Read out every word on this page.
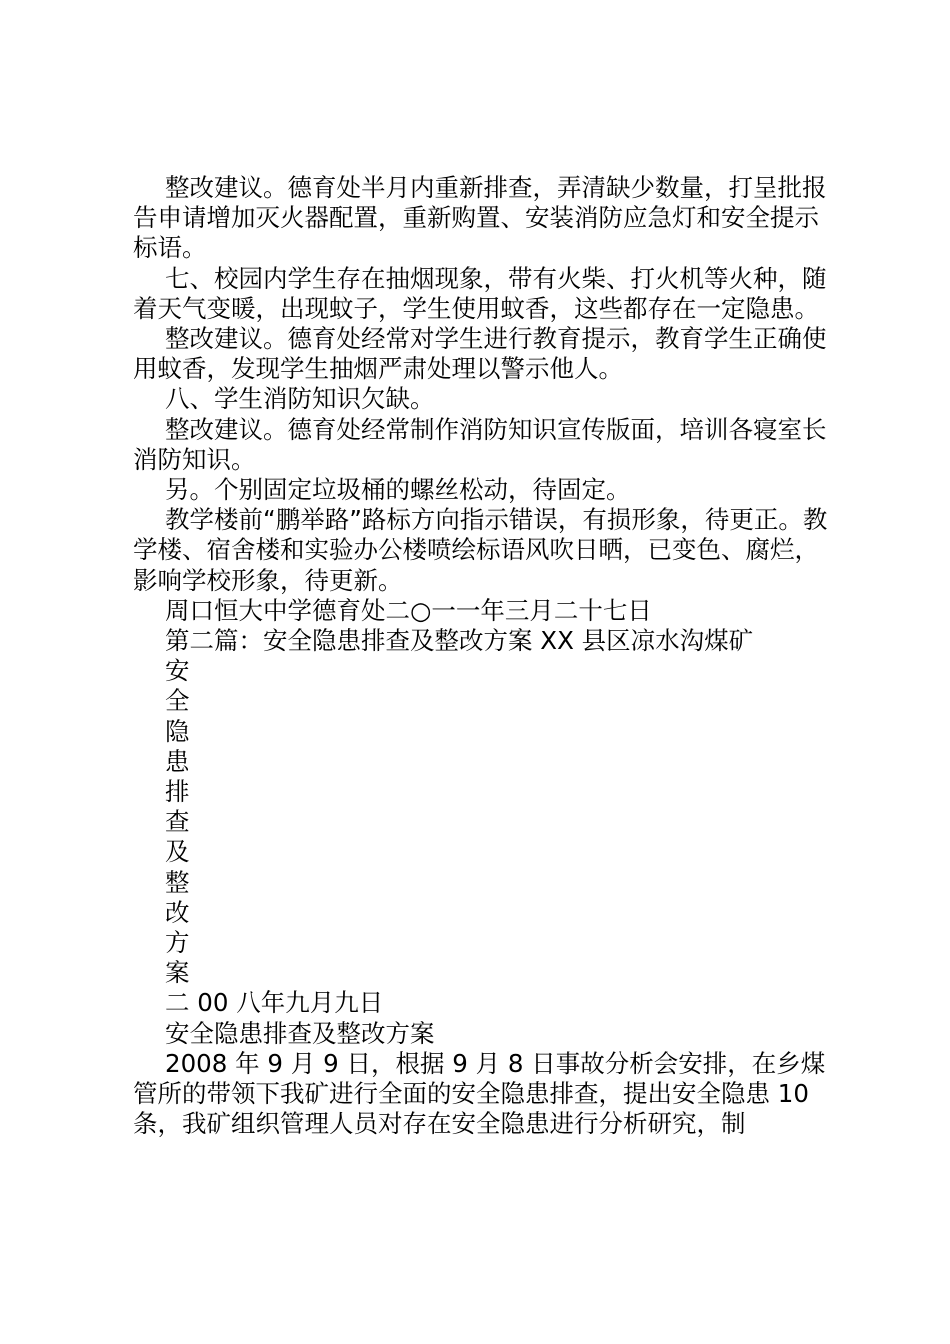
整改建议。德育处半月内重新排查，弄清缺少数量，打呈批报告申请增加灭火器配置，重新购置、安装消防应急灯和安全提示标语。

七、校园内学生存在抽烟现象，带有火柴、打火机等火种，随着天气变暖，出现蚊子，学生使用蚊香，这些都存在一定隐患。

整改建议。德育处经常对学生进行教育提示，教育学生正确使用蚊香，发现学生抽烟严肃处理以警示他人。

八、学生消防知识欠缺。

整改建议。德育处经常制作消防知识宣传版面，培训各寝室长消防知识。

另。个别固定垃圾桶的螺丝松动，待固定。

教学楼前“鹏举路”路标方向指示错误，有损形象，待更正。教学楼、宿舍楼和实验办公楼喷绘标语风吹日晒，已变色、腐烂，影响学校形象，待更新。

周口恒大中学德育处二○一一年三月二十七日

第二篇：安全隐患排查及整改方案 XX 县区凉水沟煤矿

安
全
隐
患
排
查
及
整
改
方
案

二 00 八年九月九日

安全隐患排查及整改方案

2008 年 9 月 9 日，根据 9 月 8 日事故分析会安排，在乡煤管所的带领下我矿进行全面的安全隐患排查，提出安全隐患 10 条，我矿组织管理人员对存在安全隐患进行分析研究，制
